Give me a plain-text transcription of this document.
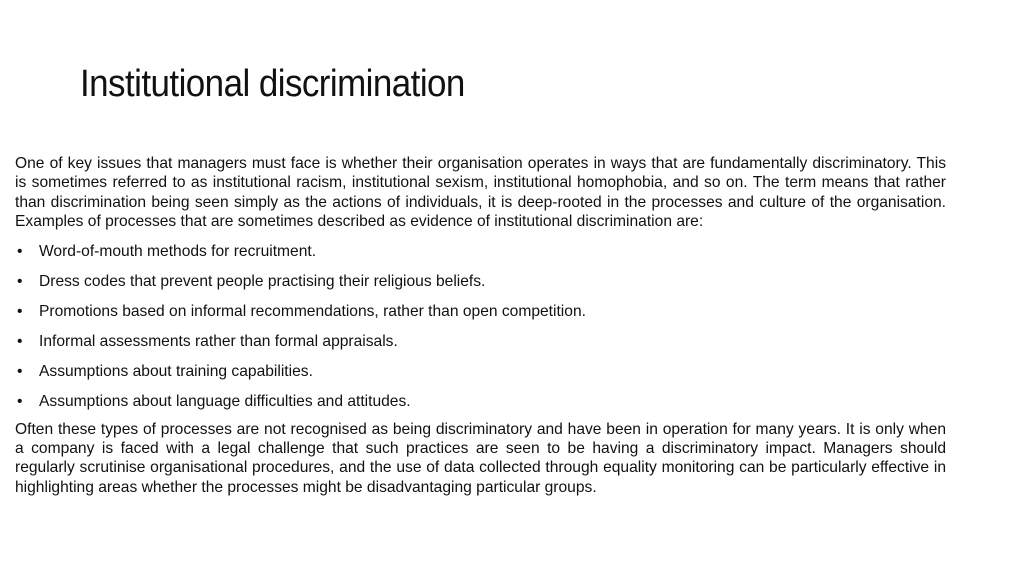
Institutional discrimination

One of key issues that managers must face is whether their organisation operates in ways that are fundamentally discriminatory. This is sometimes referred to as institutional racism, institutional sexism, institutional homophobia, and so on. The term means that rather than discrimination being seen simply as the actions of individuals, it is deep-rooted in the processes and culture of the organisation. Examples of processes that are sometimes described as evidence of institutional discrimination are:

• Word-of-mouth methods for recruitment.
• Dress codes that prevent people practising their religious beliefs.
• Promotions based on informal recommendations, rather than open competition.
• Informal assessments rather than formal appraisals.
• Assumptions about training capabilities.
• Assumptions about language difficulties and attitudes.

Often these types of processes are not recognised as being discriminatory and have been in operation for many years. It is only when a company is faced with a legal challenge that such practices are seen to be having a discriminatory impact. Managers should regularly scrutinise organisational procedures, and the use of data collected through equality monitoring can be particularly effective in highlighting areas whether the processes might be disadvantaging particular groups.
